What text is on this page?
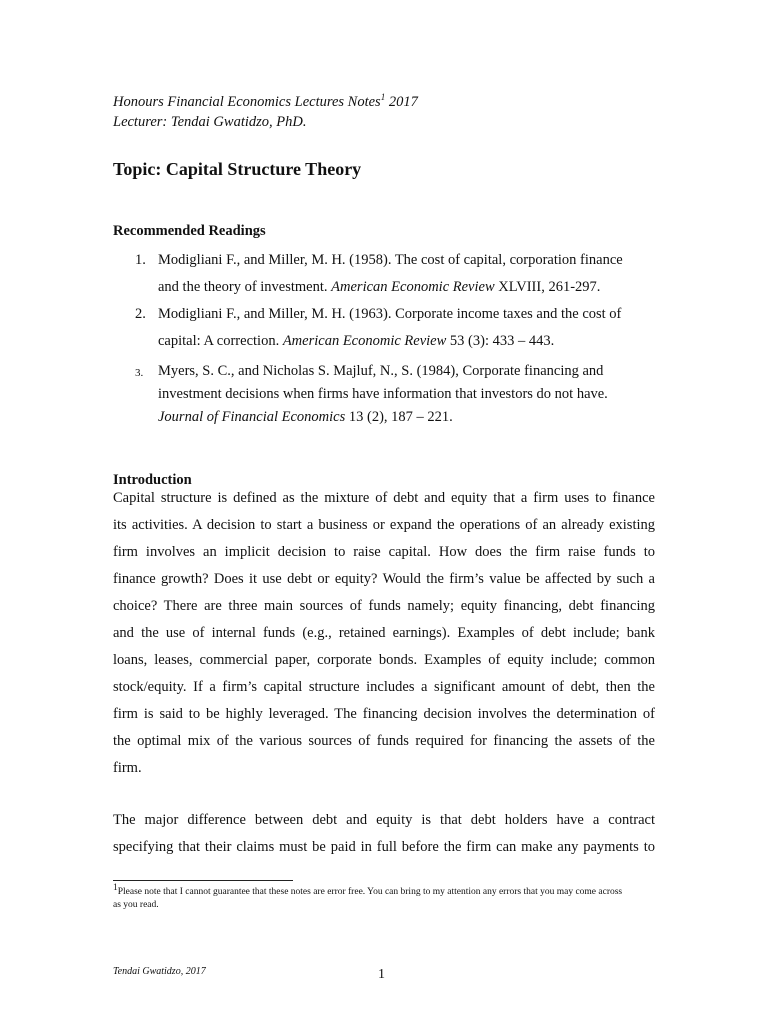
Honours Financial Economics Lectures Notes$^1$ 2017
Lecturer: Tendai Gwatidzo, PhD.
Topic: Capital Structure Theory
Recommended Readings
1. Modigliani F., and Miller, M. H. (1958). The cost of capital, corporation finance
and the theory of investment. American Economic Review XLVIII, 261-297.
2. Modigliani F., and Miller, M. H. (1963). Corporate income taxes and the cost of
capital: A correction. American Economic Review 53 (3): 433 – 443.
3. Myers, S. C., and Nicholas S. Majluf, N., S. (1984), Corporate financing and
investment decisions when firms have information that investors do not have.
Journal of Financial Economics 13 (2), 187 – 221.
Introduction
Capital structure is defined as the mixture of debt and equity that a firm uses to finance
its activities. A decision to start a business or expand the operations of an already existing
firm involves an implicit decision to raise capital. How does the firm raise funds to
finance growth? Does it use debt or equity? Would the firm’s value be affected by such a
choice? There are three main sources of funds namely; equity financing, debt financing
and the use of internal funds (e.g., retained earnings). Examples of debt include; bank
loans, leases, commercial paper, corporate bonds. Examples of equity include; common
stock/equity. If a firm’s capital structure includes a significant amount of debt, then the
firm is said to be highly leveraged. The financing decision involves the determination of
the optimal mix of the various sources of funds required for financing the assets of the
firm.
The major difference between debt and equity is that debt holders have a contract
specifying that their claims must be paid in full before the firm can make any payments to
$^1$Please note that I cannot guarantee that these notes are error free. You can bring to my attention any errors that you may come across
as you read.
Tendai Gwatidzo, 2017	1
